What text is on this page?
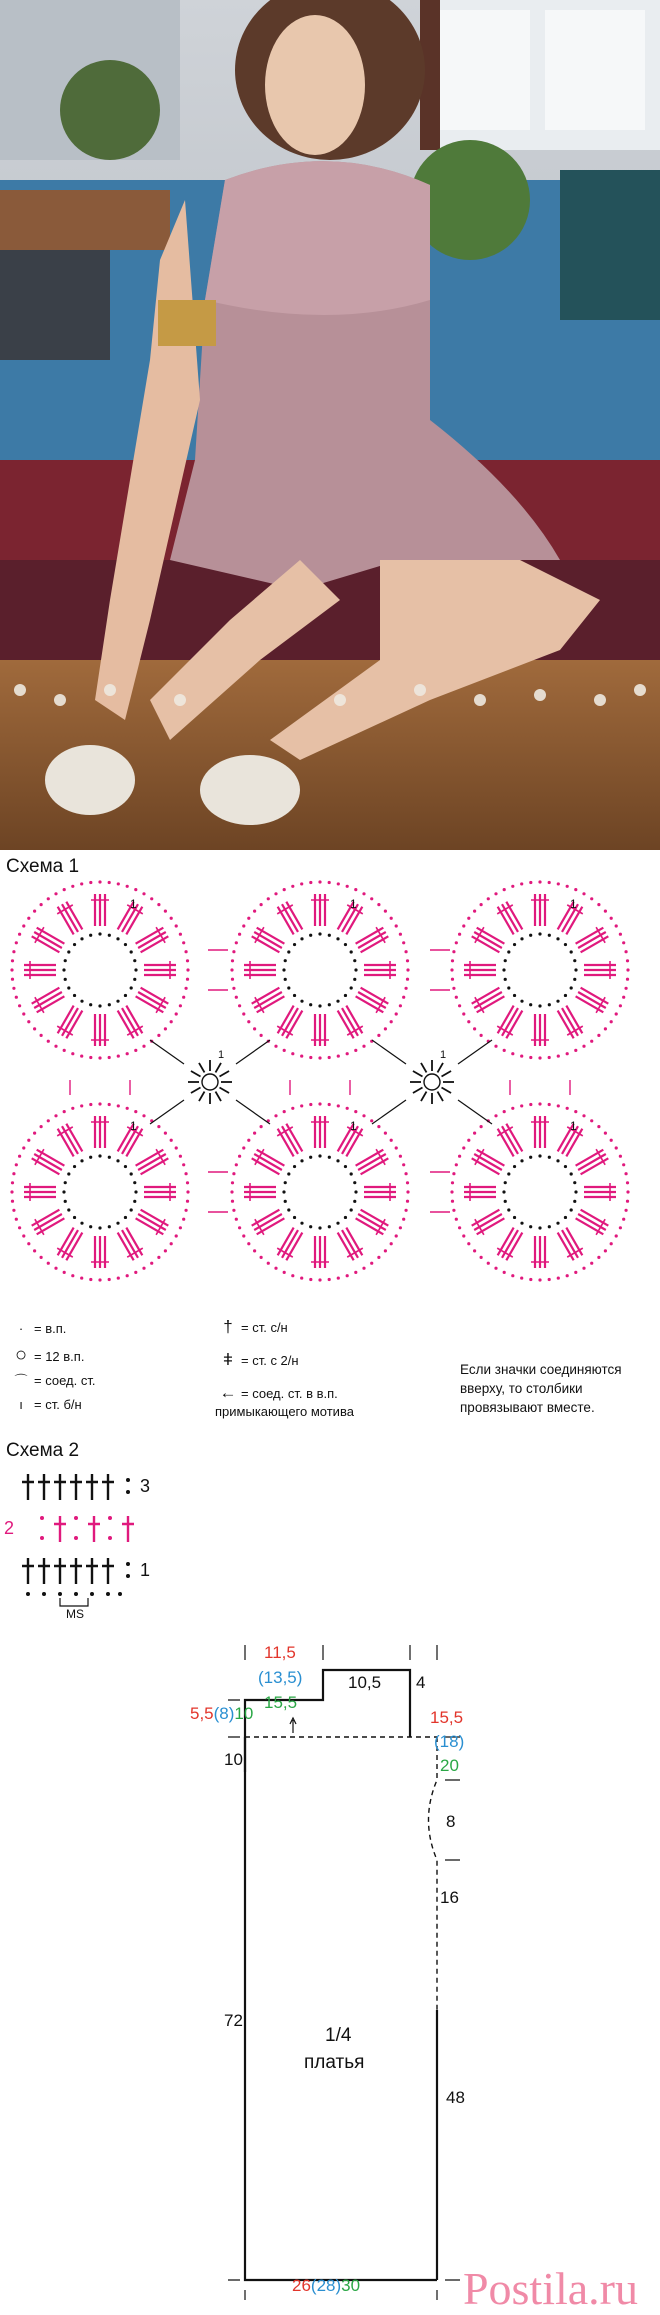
Схема 1
1	1	1
1	1	1
1	1
· = в.п.
○ = 12 в.п.
⌒ = соед. ст.
ı = ст. б/н
† = ст. с/н
ǂ = ст. с 2/н
← = соед. ст. в в.п.
примыкающего мотива
Если значки соединяются
вверху, то столбики
провязывают вместе.
Схема 2
3
2
1
MS
11,5
(13,5)
15,5
10,5 4
5,5(8)10	15,5
(18)
20
10
8
16
72
48
1/4
платья
26(28)30 Postila.ru
